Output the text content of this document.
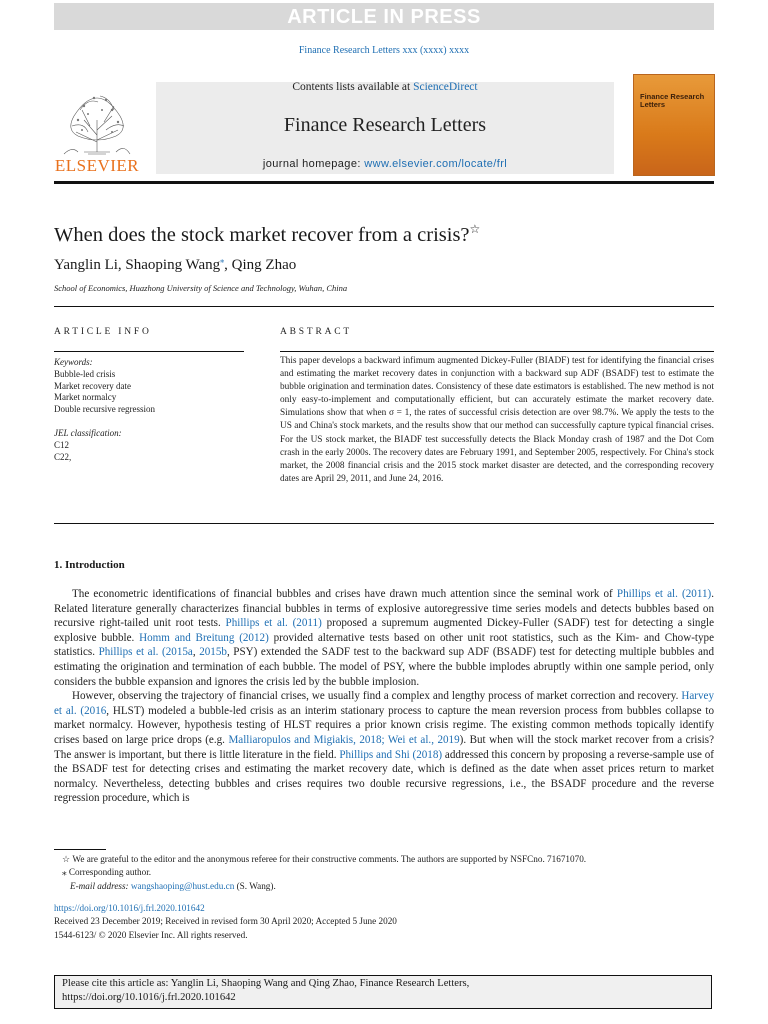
ARTICLE IN PRESS
Finance Research Letters xxx (xxxx) xxxx
Contents lists available at ScienceDirect
Finance Research Letters
journal homepage: www.elsevier.com/locate/frl
ELSEVIER
Finance Research Letters
When does the stock market recover from a crisis?☆
Yanglin Li, Shaoping Wang⁎, Qing Zhao
School of Economics, Huazhong University of Science and Technology, Wuhan, China
ARTICLE INFO
Keywords:
Bubble-led crisis
Market recovery date
Market normalcy
Double recursive regression
JEL classification:
C12
C22,
ABSTRACT
This paper develops a backward infimum augmented Dickey-Fuller (BIADF) test for identifying the financial crises and estimating the market recovery dates in conjunction with a backward sup ADF (BSADF) test to estimate the bubble origination and termination dates. Consistency of these date estimators is established. The new method is not only easy-to-implement and computationally efficient, but can accurately estimate the market recovery date. Simulations show that when σ = 1, the rates of successful crisis detection are over 98.7%. We apply the tests to the US and China's stock markets, and the results show that our method can successfully capture typical financial crises. For the US stock market, the BIADF test successfully detects the Black Monday crash of 1987 and the Dot Com crash in the early 2000s. The recovery dates are February 1991, and September 2005, respectively. For China's stock market, the 2008 financial crisis and the 2015 stock market disaster are detected, and the corresponding recovery dates are April 29, 2011, and June 24, 2016.
1. Introduction

The econometric identifications of financial bubbles and crises have drawn much attention since the seminal work of Phillips et al. (2011). Related literature generally characterizes financial bubbles in terms of explosive autoregressive time series models and detects bubbles based on recursive right-tailed unit root tests. Phillips et al. (2011) proposed a supremum augmented Dickey-Fuller (SADF) test for detecting a single explosive bubble. Homm and Breitung (2012) provided alternative tests based on other unit root statistics, such as the Kim- and Chow-type statistics. Phillips et al. (2015a, 2015b, PSY) extended the SADF test to the backward sup ADF (BSADF) test for detecting multiple bubbles and estimating the origination and termination of each bubble. The model of PSY, where the bubble implodes abruptly within one sample period, only considers the bubble expansion and ignores the crisis led by the bubble implosion.

However, observing the trajectory of financial crises, we usually find a complex and lengthy process of market correction and recovery. Harvey et al. (2016, HLST) modeled a bubble-led crisis as an interim stationary process to capture the mean reversion process from bubbles collapse to market normalcy. However, hypothesis testing of HLST requires a prior known crisis regime. The existing common methods topically identify crises based on large price drops (e.g. Malliaropulos and Migiakis, 2018; Wei et al., 2019). But when will the stock market recover from a crisis? The answer is important, but there is little literature in the field. Phillips and Shi (2018) addressed this concern by proposing a reverse-sample use of the BSADF test for detecting crises and estimating the market recovery date, which is defined as the date when asset prices return to market normalcy. Nevertheless, detecting bubbles and crises requires two double recursive regressions, i.e., the BSADF procedure and the reverse regression procedure, which is

☆ We are grateful to the editor and the anonymous referee for their constructive comments. The authors are supported by NSFCno. 71671070.
⁎ Corresponding author.
E-mail address: wangshaoping@hust.edu.cn (S. Wang).
https://doi.org/10.1016/j.frl.2020.101642
Received 23 December 2019; Received in revised form 30 April 2020; Accepted 5 June 2020
1544-6123/ © 2020 Elsevier Inc. All rights reserved.
Please cite this article as: Yanglin Li, Shaoping Wang and Qing Zhao, Finance Research Letters,
https://doi.org/10.1016/j.frl.2020.101642
